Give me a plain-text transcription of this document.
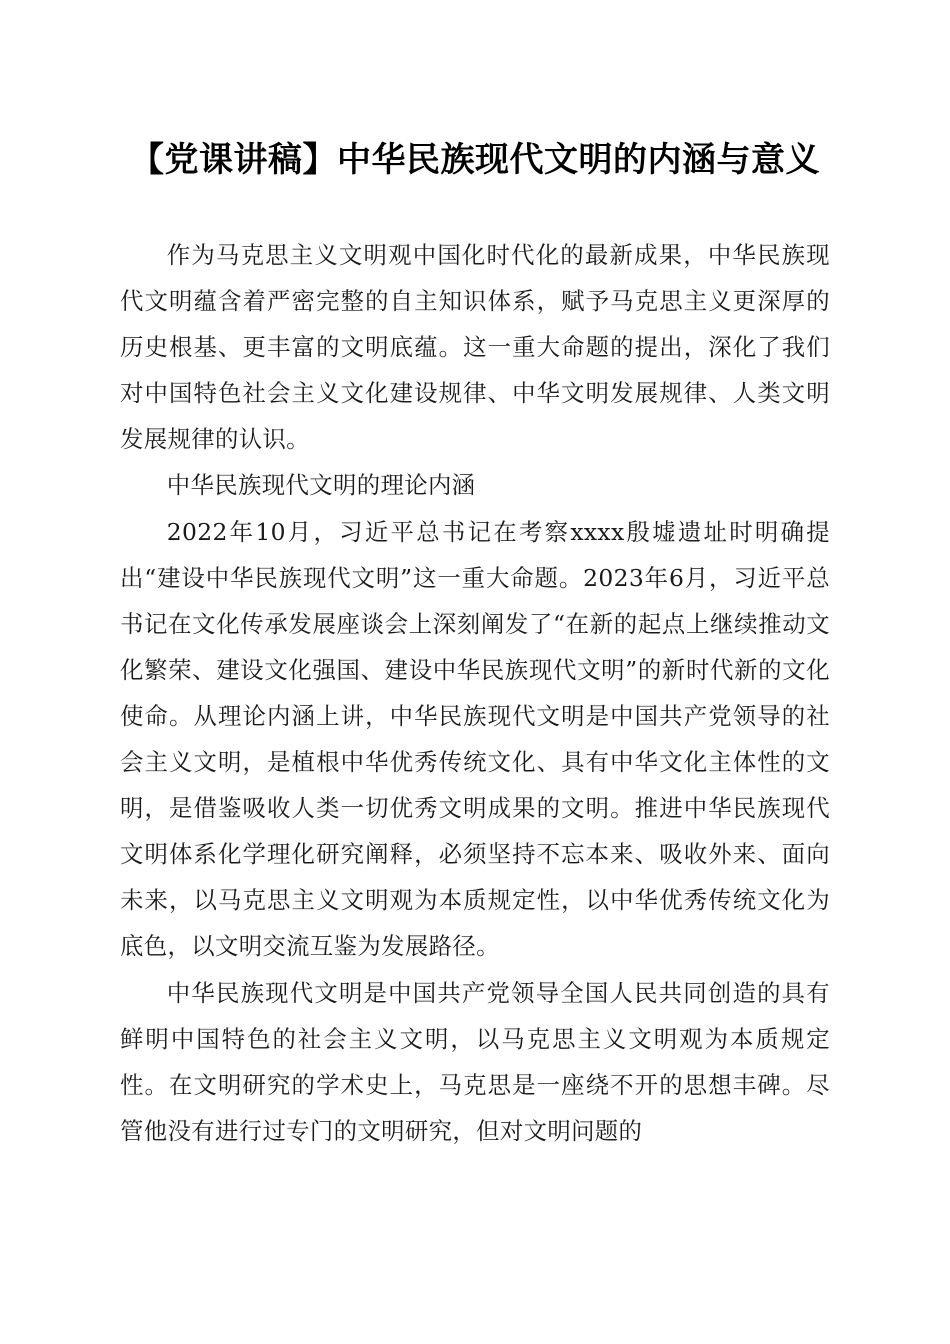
【党课讲稿】中华民族现代文明的内涵与意义

作为马克思主义文明观中国化时代化的最新成果，中华民族现代文明蕴含着严密完整的自主知识体系，赋予马克思主义更深厚的历史根基、更丰富的文明底蕴。这一重大命题的提出，深化了我们对中国特色社会主义文化建设规律、中华文明发展规律、人类文明发展规律的认识。

中华民族现代文明的理论内涵

2022年10月，习近平总书记在考察xxxx殷墟遗址时明确提出“建设中华民族现代文明”这一重大命题。2023年6月，习近平总书记在文化传承发展座谈会上深刻阐发了“在新的起点上继续推动文化繁荣、建设文化强国、建设中华民族现代文明”的新时代新的文化使命。从理论内涵上讲，中华民族现代文明是中国共产党领导的社会主义文明，是植根中华优秀传统文化、具有中华文化主体性的文明，是借鉴吸收人类一切优秀文明成果的文明。推进中华民族现代文明体系化学理化研究阐释，必须坚持不忘本来、吸收外来、面向未来，以马克思主义文明观为本质规定性，以中华优秀传统文化为底色，以文明交流互鉴为发展路径。

中华民族现代文明是中国共产党领导全国人民共同创造的具有鲜明中国特色的社会主义文明，以马克思主义文明观为本质规定性。在文明研究的学术史上，马克思是一座绕不开的思想丰碑。尽管他没有进行过专门的文明研究，但对文明问题的
